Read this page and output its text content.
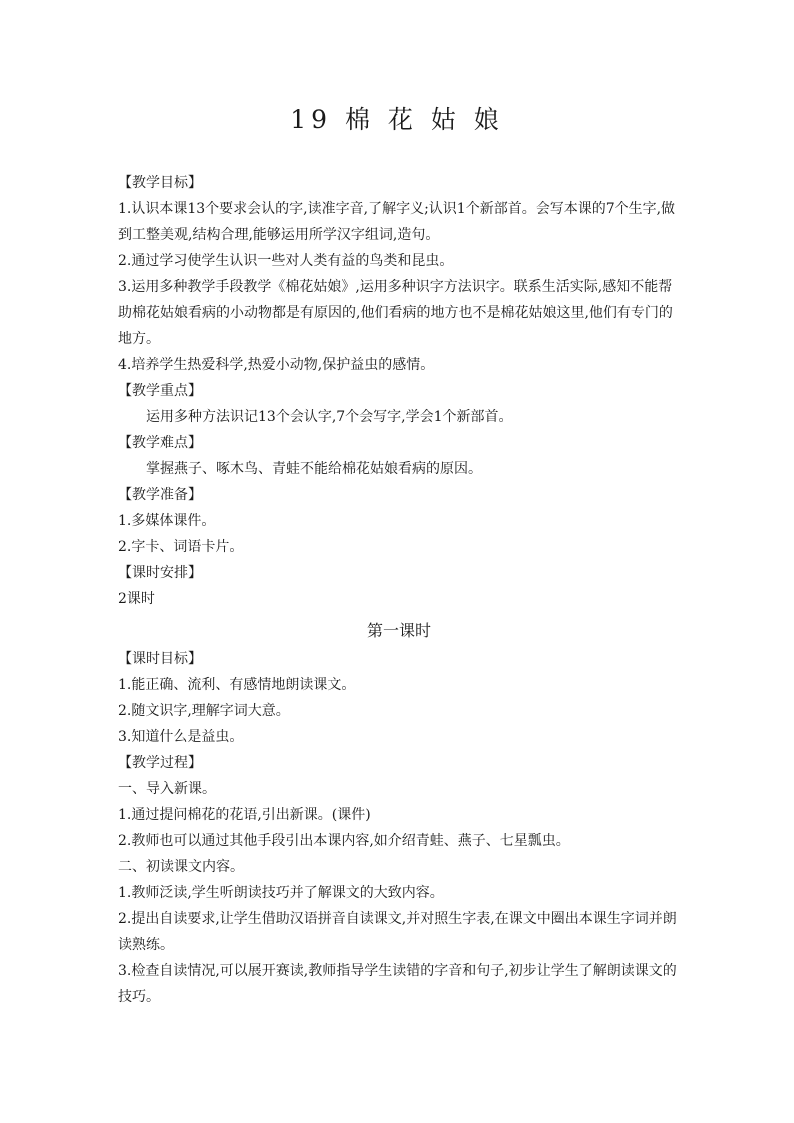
19 棉 花 姑 娘

【教学目标】

1.认识本课13个要求会认的字,读准字音,了解字义;认识1个新部首。会写本课的7个生字,做到工整美观,结构合理,能够运用所学汉字组词,造句。

2.通过学习使学生认识一些对人类有益的鸟类和昆虫。

3.运用多种教学手段教学《棉花姑娘》,运用多种识字方法识字。联系生活实际,感知不能帮助棉花姑娘看病的小动物都是有原因的,他们看病的地方也不是棉花姑娘这里,他们有专门的地方。

4.培养学生热爱科学,热爱小动物,保护益虫的感情。

【教学重点】

运用多种方法识记13个会认字,7个会写字,学会1个新部首。

【教学难点】

掌握燕子、啄木鸟、青蛙不能给棉花姑娘看病的原因。

【教学准备】

1.多媒体课件。

2.字卡、词语卡片。

【课时安排】

2课时

第一课时

【课时目标】

1.能正确、流利、有感情地朗读课文。

2.随文识字,理解字词大意。

3.知道什么是益虫。

【教学过程】

一、导入新课。

1.通过提问棉花的花语,引出新课。(课件)

2.教师也可以通过其他手段引出本课内容,如介绍青蛙、燕子、七星瓢虫。

二、初读课文内容。

1.教师泛读,学生听朗读技巧并了解课文的大致内容。

2.提出自读要求,让学生借助汉语拼音自读课文,并对照生字表,在课文中圈出本课生字词并朗读熟练。

3.检查自读情况,可以展开赛读,教师指导学生读错的字音和句子,初步让学生了解朗读课文的技巧。
